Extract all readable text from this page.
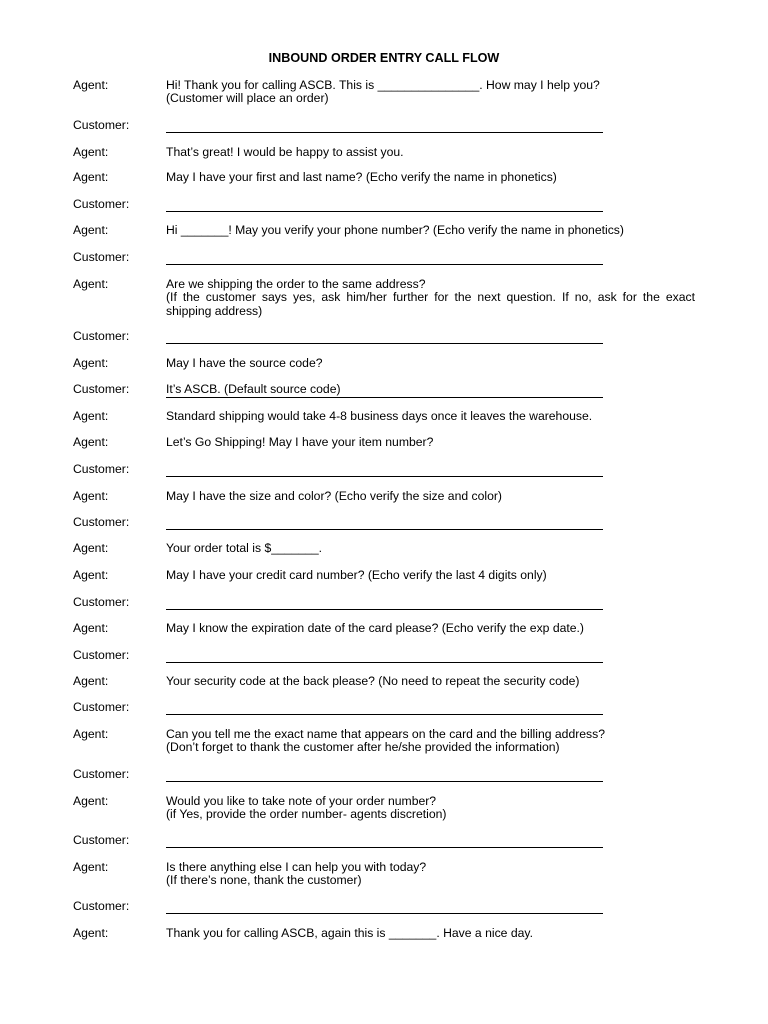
INBOUND ORDER ENTRY CALL FLOW
Agent:	Hi! Thank you for calling ASCB. This is _______________. How may I help you?
(Customer will place an order)
Customer:
Agent:	That’s great! I would be happy to assist you.
Agent:	May I have your first and last name? (Echo verify the name in phonetics)
Customer:
Agent:	Hi _______! May you verify your phone number? (Echo verify the name in phonetics)
Customer:
Agent:	Are we shipping the order to the same address?
(If the customer says yes, ask him/her further for the next question. If no, ask for the exact shipping address)
Customer:
Agent:	May I have the source code?
Customer:	It’s ASCB. (Default source code)
Agent:	Standard shipping would take 4-8 business days once it leaves the warehouse.
Agent:	Let’s Go Shipping! May I have your item number?
Customer:
Agent:	May I have the size and color? (Echo verify the size and color)
Customer:
Agent:	Your order total is $_______.
Agent:	May I have your credit card number? (Echo verify the last 4 digits only)
Customer:
Agent:	May I know the expiration date of the card please? (Echo verify the exp date.)
Customer:
Agent:	Your security code at the back please? (No need to repeat the security code)
Customer:
Agent:	Can you tell me the exact name that appears on the card and the billing address?
(Don’t forget to thank the customer after he/she provided the information)
Customer:
Agent:	Would you like to take note of your order number?
(if Yes, provide the order number- agents discretion)
Customer:
Agent:	Is there anything else I can help you with today?
(If there’s none, thank the customer)
Customer:
Agent:	Thank you for calling ASCB, again this is _______. Have a nice day.
